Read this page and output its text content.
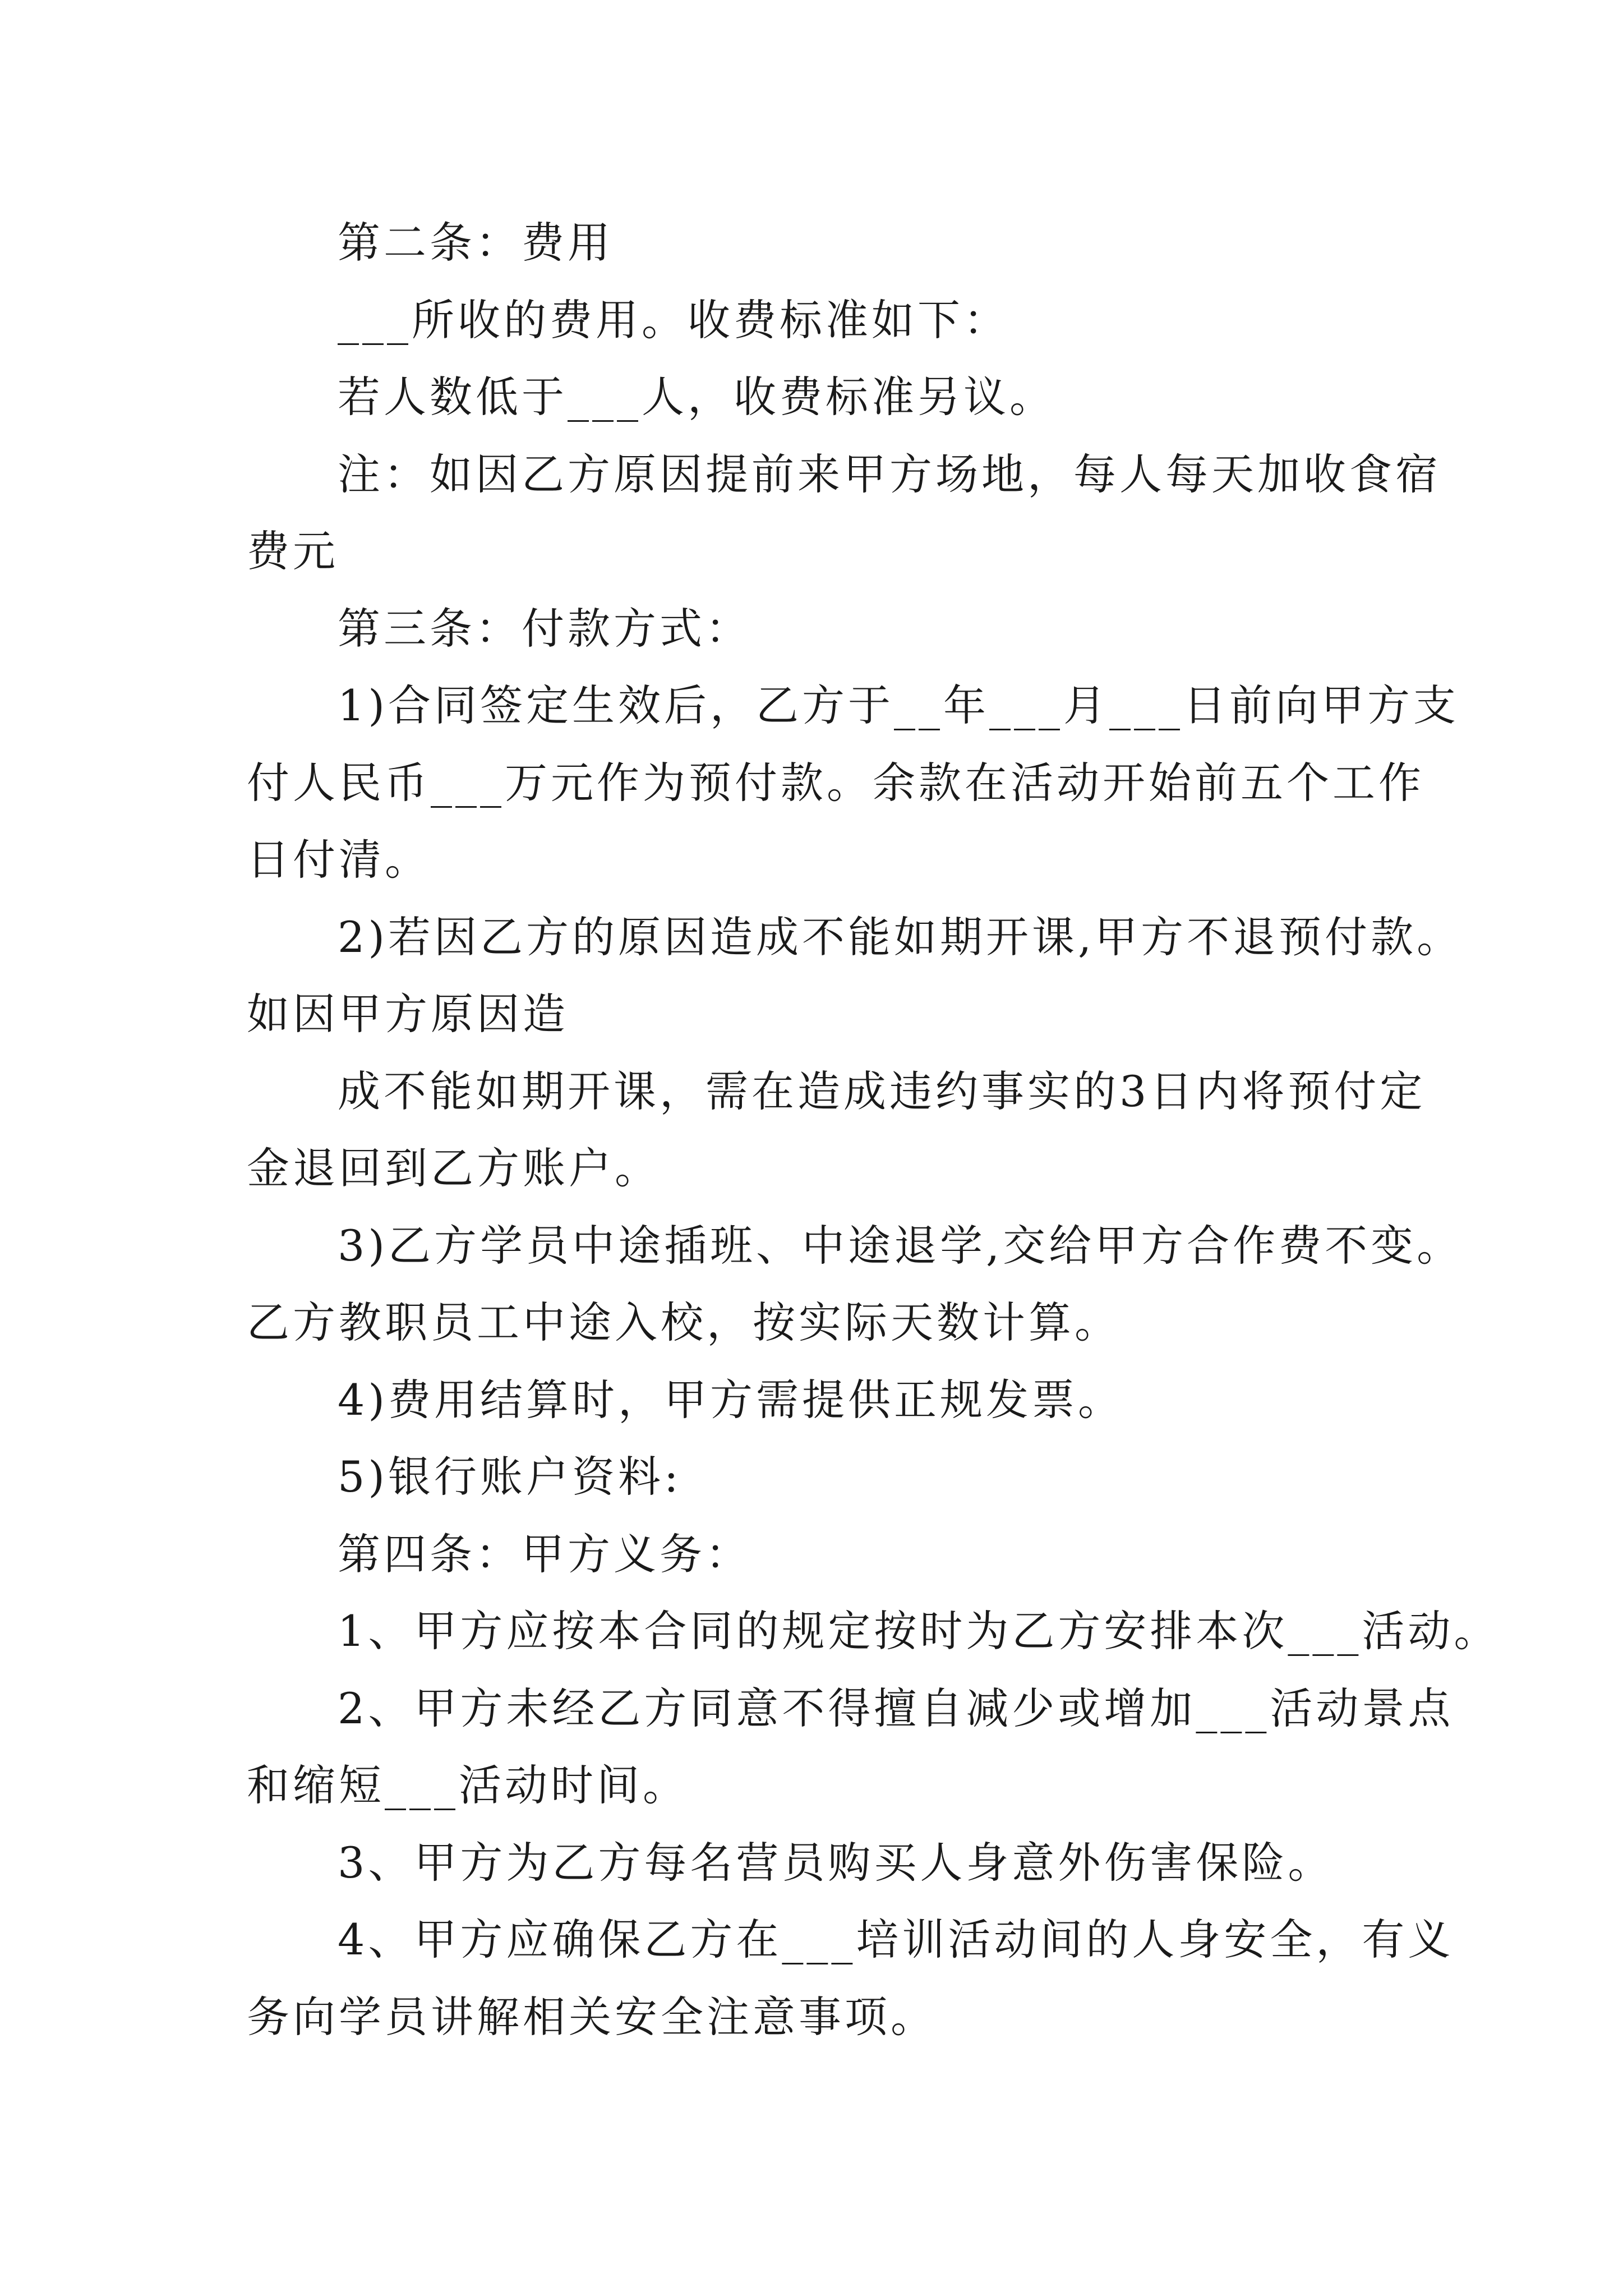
第二条：费用
___所收的费用。收费标准如下：
若人数低于___人，收费标准另议。
注：如因乙方原因提前来甲方场地，每人每天加收食宿
费元
第三条：付款方式：
1)合同签定生效后，乙方于__年___月___日前向甲方支
付人民币___万元作为预付款。余款在活动开始前五个工作
日付清。
2)若因乙方的原因造成不能如期开课,甲方不退预付款。
如因甲方原因造
成不能如期开课，需在造成违约事实的3日内将预付定
金退回到乙方账户。
3)乙方学员中途插班、中途退学,交给甲方合作费不变。
乙方教职员工中途入校，按实际天数计算。
4)费用结算时，甲方需提供正规发票。
5)银行账户资料:
第四条：甲方义务：
1、甲方应按本合同的规定按时为乙方安排本次___活动。
2、甲方未经乙方同意不得擅自减少或增加___活动景点
和缩短___活动时间。
3、甲方为乙方每名营员购买人身意外伤害保险。
4、甲方应确保乙方在___培训活动间的人身安全，有义
务向学员讲解相关安全注意事项。
